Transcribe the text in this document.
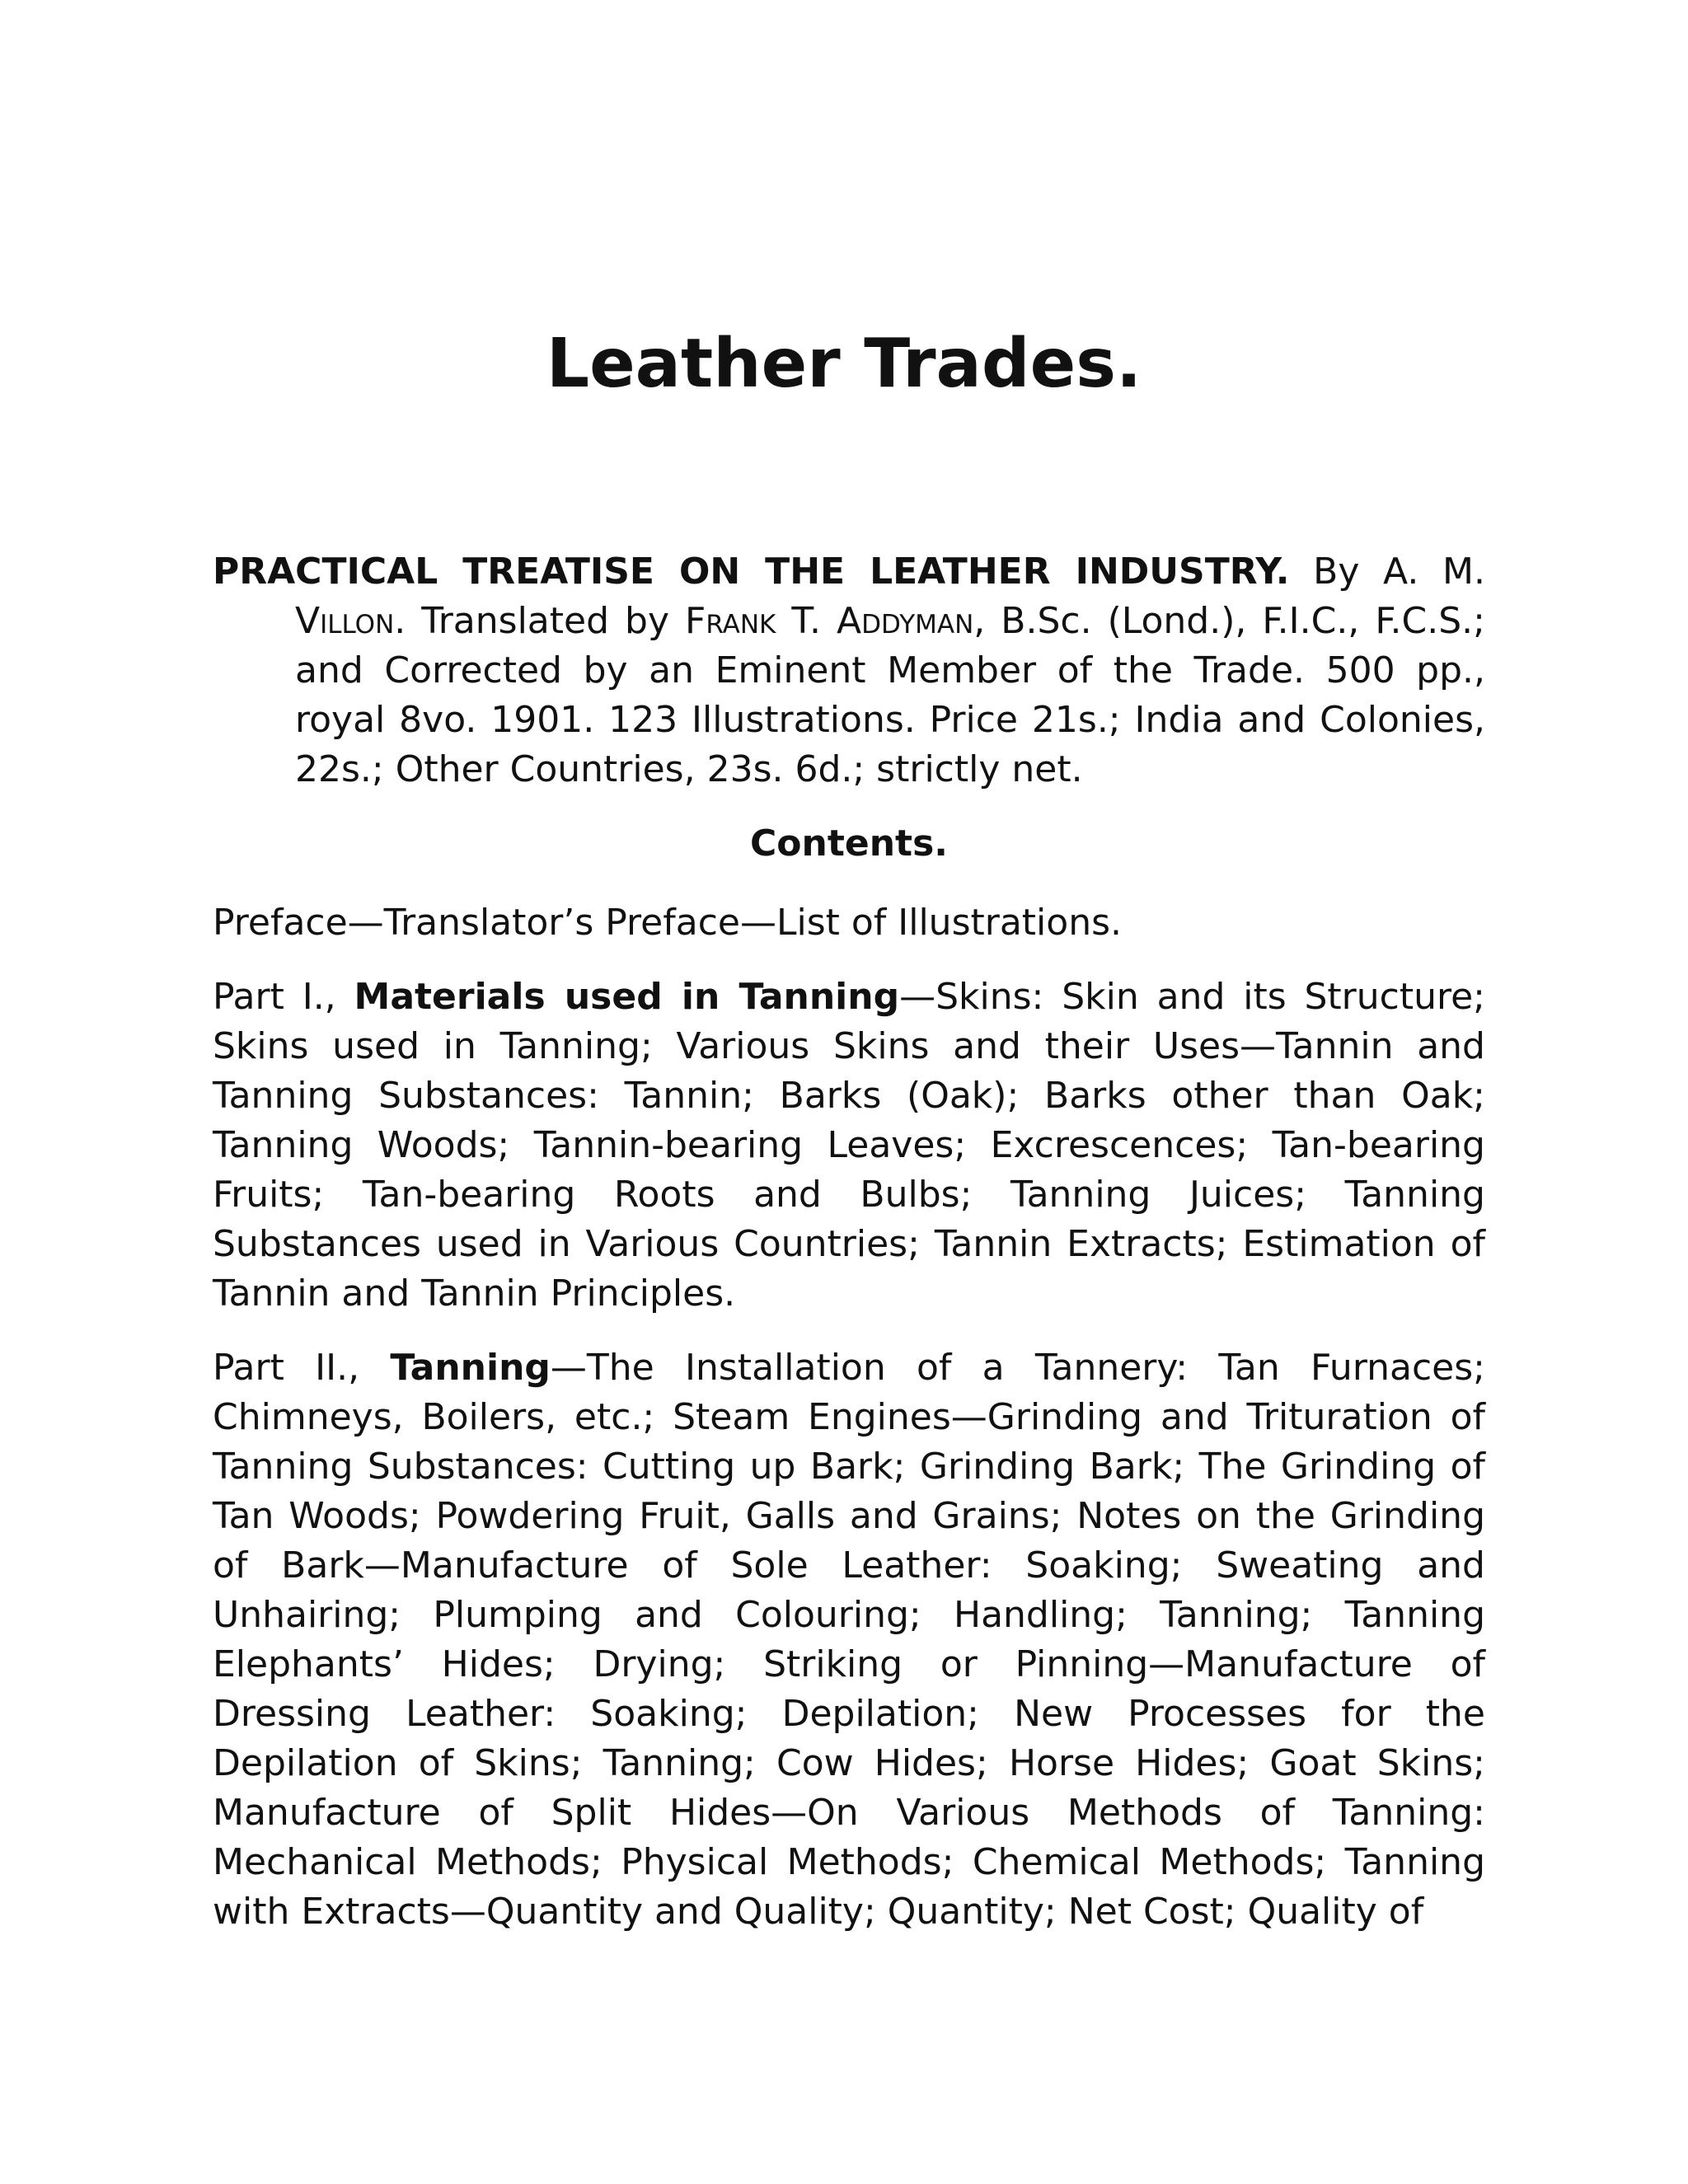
Leather Trades.

PRACTICAL TREATISE ON THE LEATHER INDUSTRY. By A. M. Villon. Translated by Frank T. Addyman, B.Sc. (Lond.), F.I.C., F.C.S.; and Corrected by an Eminent Member of the Trade. 500 pp., royal 8vo. 1901. 123 Illustrations. Price 21s.; India and Colonies, 22s.; Other Countries, 23s. 6d.; strictly net.

Contents.

Preface—Translator’s Preface—List of Illustrations.

Part I., Materials used in Tanning—Skins: Skin and its Structure; Skins used in Tanning; Various Skins and their Uses—Tannin and Tanning Substances: Tannin; Barks (Oak); Barks other than Oak; Tanning Woods; Tannin-bearing Leaves; Excrescences; Tan-bearing Fruits; Tan-bearing Roots and Bulbs; Tanning Juices; Tanning Substances used in Various Countries; Tannin Extracts; Estimation of Tannin and Tannin Principles.

Part II., Tanning—The Installation of a Tannery: Tan Furnaces; Chimneys, Boilers, etc.; Steam Engines—Grinding and Trituration of Tanning Substances: Cutting up Bark; Grinding Bark; The Grinding of Tan Woods; Powdering Fruit, Galls and Grains; Notes on the Grinding of Bark—Manufacture of Sole Leather: Soaking; Sweating and Unhairing; Plumping and Colouring; Handling; Tanning; Tanning Elephants’ Hides; Drying; Striking or Pinning—Manufacture of Dressing Leather: Soaking; Depilation; New Processes for the Depilation of Skins; Tanning; Cow Hides; Horse Hides; Goat Skins; Manufacture of Split Hides—On Various Methods of Tanning: Mechanical Methods; Physical Methods; Chemical Methods; Tanning with Extracts—Quantity and Quality; Quantity; Net Cost; Quality of
